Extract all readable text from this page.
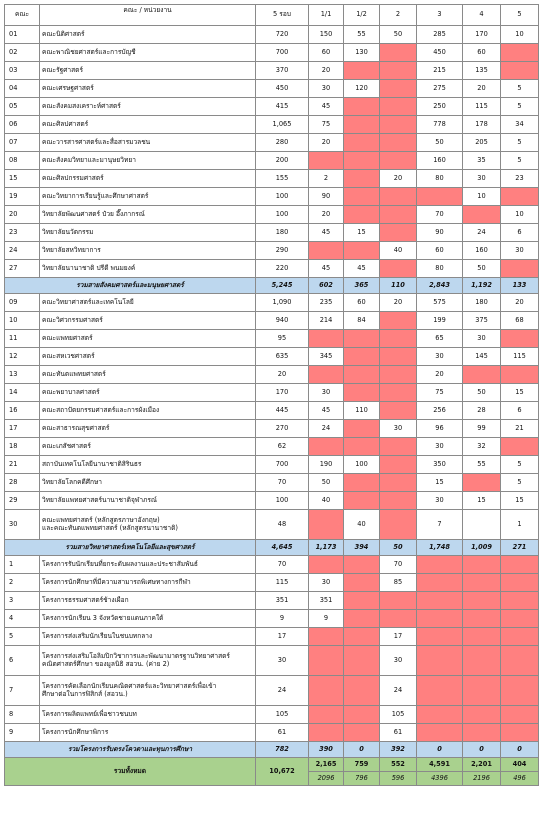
คณะ	คณะ / หน่วยงาน	5 รอบ	1/1	1/2	2	3	4	5
01	คณะนิติศาสตร์	720	150	55	50	285	170	10
02	คณะพาณิชยศาสตร์และการบัญชี	700	60	130		450	60	
03	คณะรัฐศาสตร์	370	20			215	135	
04	คณะเศรษฐศาสตร์	450	30	120		275	20	5
05	คณะสังคมสงเคราะห์ศาสตร์	415	45			250	115	5
06	คณะศิลปศาสตร์	1,065	75			778	178	34
07	คณะวารสารศาสตร์และสื่อสารมวลชน	280	20			50	205	5
08	คณะสังคมวิทยาและมานุษยวิทยา	200				160	35	5
15	คณะศิลปกรรมศาสตร์	155	2		20	80	30	23
19	คณะวิทยาการเรียนรู้และศึกษาศาสตร์	100	90				10	
20	วิทยาลัยพัฒนศาสตร์ ป๋วย อึ๊งภากรณ์	100	20			70		10
23	วิทยาลัยนวัตกรรม	180	45	15		90	24	6
24	วิทยาลัยสหวิทยาการ	290			40	60	160	30
27	วิทยาลัยนานาชาติ ปรีดี พนมยงค์	220	45	45		80	50	
รวมสายสังคมศาสตร์และมนุษยศาสตร์		5,245	602	365	110	2,843	1,192	133
09	คณะวิทยาศาสตร์และเทคโนโลยี	1,090	235	60	20	575	180	20
10	คณะวิศวกรรมศาสตร์	940	214	84		199	375	68
11	คณะแพทยศาสตร์	95				65	30	
12	คณะสหเวชศาสตร์	635	345			30	145	115
13	คณะทันตแพทยศาสตร์	20				20		
14	คณะพยาบาลศาสตร์	170	30			75	50	15
16	คณะสถาปัตยกรรมศาสตร์และการผังเมือง	445	45	110		256	28	6
17	คณะสาธารณสุขศาสตร์	270	24		30	96	99	21
18	คณะเภสัชศาสตร์	62				30	32	
21	สถาบันเทคโนโลยีนานาชาติสิรินธร	700	190	100		350	55	5
28	วิทยาลัยโลกคดีศึกษา	70	50			15		5
29	วิทยาลัยแพทยศาสตร์นานาชาติจุฬาภรณ์	100	40			30	15	15
30	คณะแพทยศาสตร์ (หลักสูตรภาษาอังกฤษ)
และคณะทันตแพทยศาสตร์ (หลักสูตรนานาชาติ)	48		40		7		1
รวมสายวิทยาศาสตร์เทคโนโลยีและสุขศาสตร์		4,645	1,173	394	50	1,748	1,009	271
1	โครงการรับนักเรียนที่ยกระดับผลงานและประชาสัมพันธ์	70			70			
2	โครงการนักศึกษาที่มีความสามารถพิเศษทางการกีฬา	115	30		85			
3	โครงการธรรมศาสตร์ช้างเผือก	351	351					
4	โครงการนักเรียน 3 จังหวัดชายแดนภาคใต้	9	9					
5	โครงการส่งเสริมนักเรียนในชนบทกลาง	17			17			
6	โครงการส่งเสริมโอลิมปิกวิชาการและพัฒนามาตรฐานวิทยาศาสตร์
คณิตศาสตร์ศึกษา ของมูลนิธิ สอวน. (ค่าย 2)	30			30			
7	โครงการคัดเลือกนักเรียนคณิตศาสตร์และวิทยาศาสตร์เพื่อเข้า
ศึกษาต่อในการฟิสิกส์ (สอวน.)	24			24			
8	โครงการผลิตแพทย์เพื่อชาวชนบท	105			105			
9	โครงการนักศึกษาพิการ	61			61			
รวมโครงการรับตรงโควตาและทุนการศึกษา		782	390	0	392	0	0	0
รวมทั้งหมด		10,672	2,165	759	552	4,591	2,201	404
			2096	796	596	4396	2196	496
